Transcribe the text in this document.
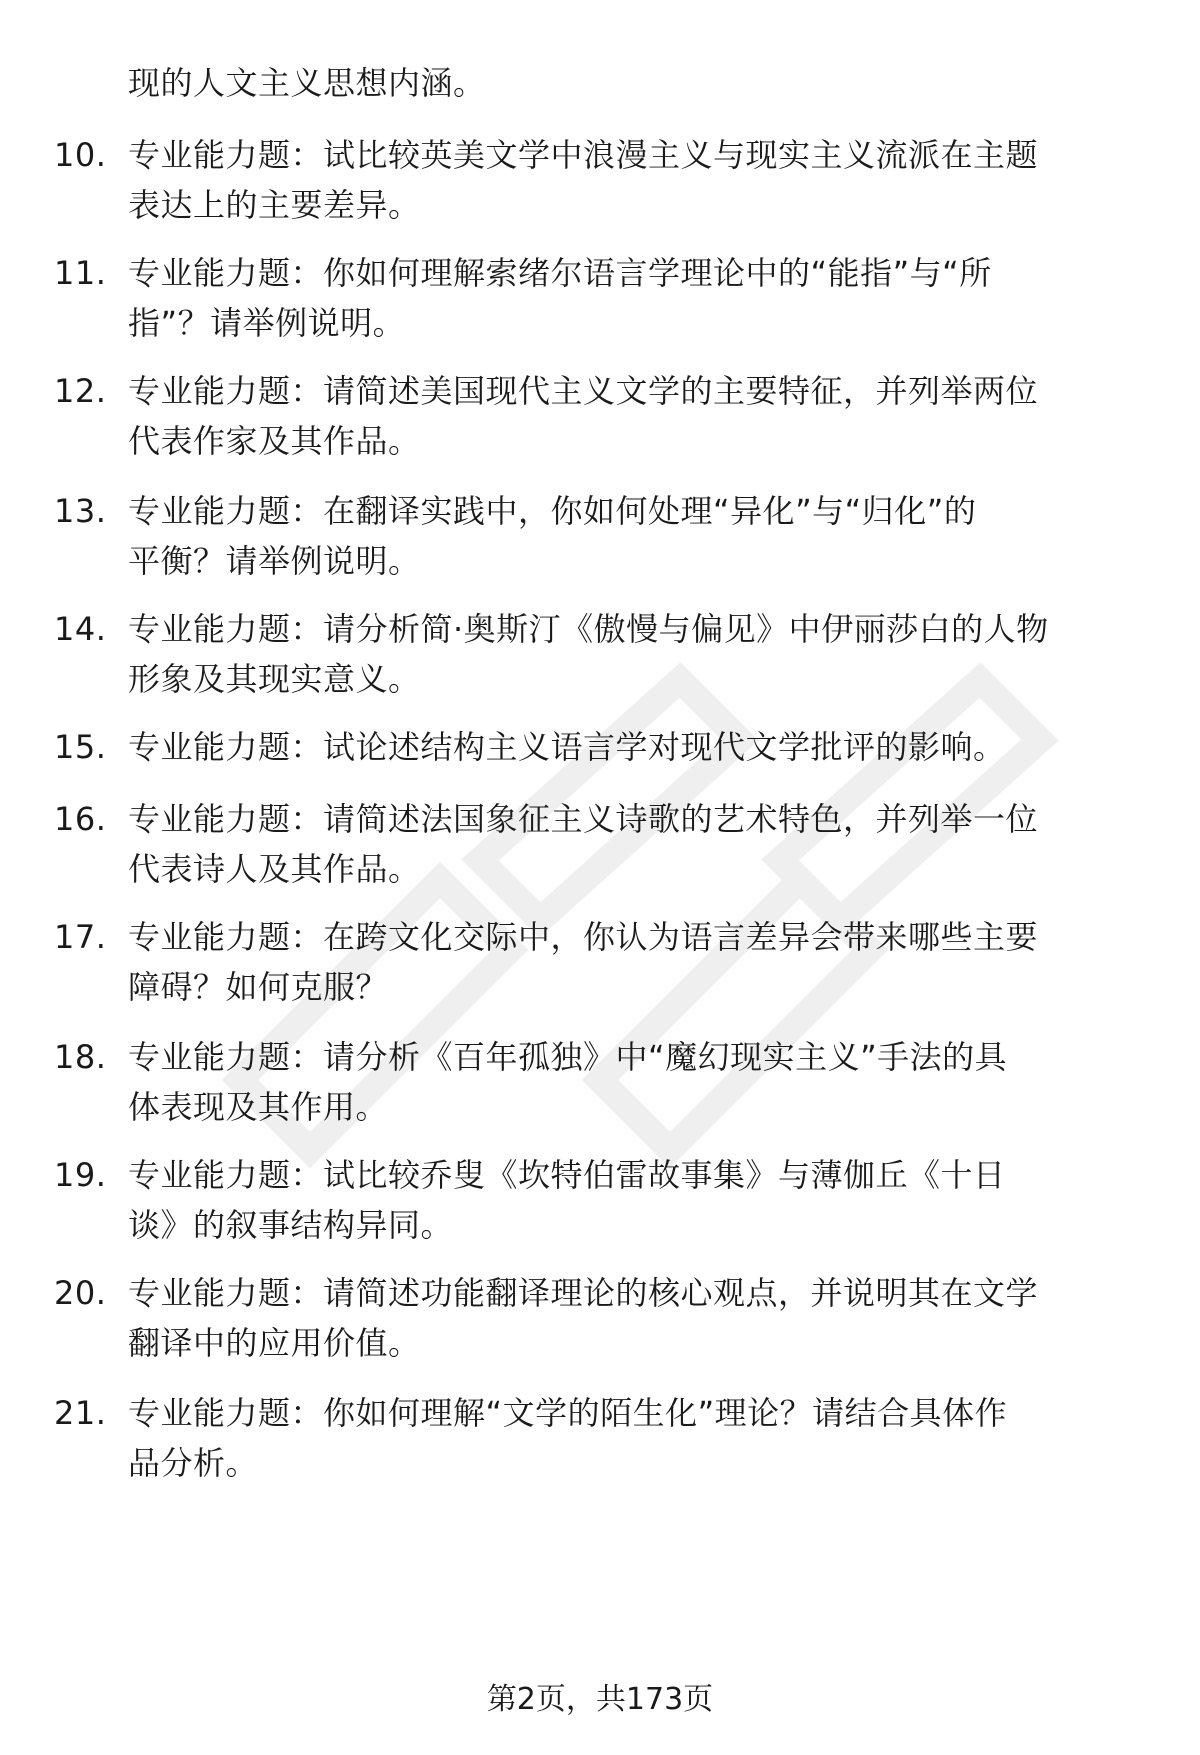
现的人文主义思想内涵。
10. 专业能力题：试比较英美文学中浪漫主义与现实主义流派在主题
表达上的主要差异。
11. 专业能力题：你如何理解索绪尔语言学理论中的“能指”与“所
指”？请举例说明。
12. 专业能力题：请简述美国现代主义文学的主要特征，并列举两位
代表作家及其作品。
13. 专业能力题：在翻译实践中，你如何处理“异化”与“归化”的
平衡？请举例说明。
14. 专业能力题：请分析简·奥斯汀《傲慢与偏见》中伊丽莎白的人物
形象及其现实意义。
15. 专业能力题：试论述结构主义语言学对现代文学批评的影响。
16. 专业能力题：请简述法国象征主义诗歌的艺术特色，并列举一位
代表诗人及其作品。
17. 专业能力题：在跨文化交际中，你认为语言差异会带来哪些主要
障碍？如何克服？
18. 专业能力题：请分析《百年孤独》中“魔幻现实主义”手法的具
体表现及其作用。
19. 专业能力题：试比较乔叟《坎特伯雷故事集》与薄伽丘《十日
谈》的叙事结构异同。
20. 专业能力题：请简述功能翻译理论的核心观点，并说明其在文学
翻译中的应用价值。
21. 专业能力题：你如何理解“文学的陌生化”理论？请结合具体作
品分析。
第2页，共173页
